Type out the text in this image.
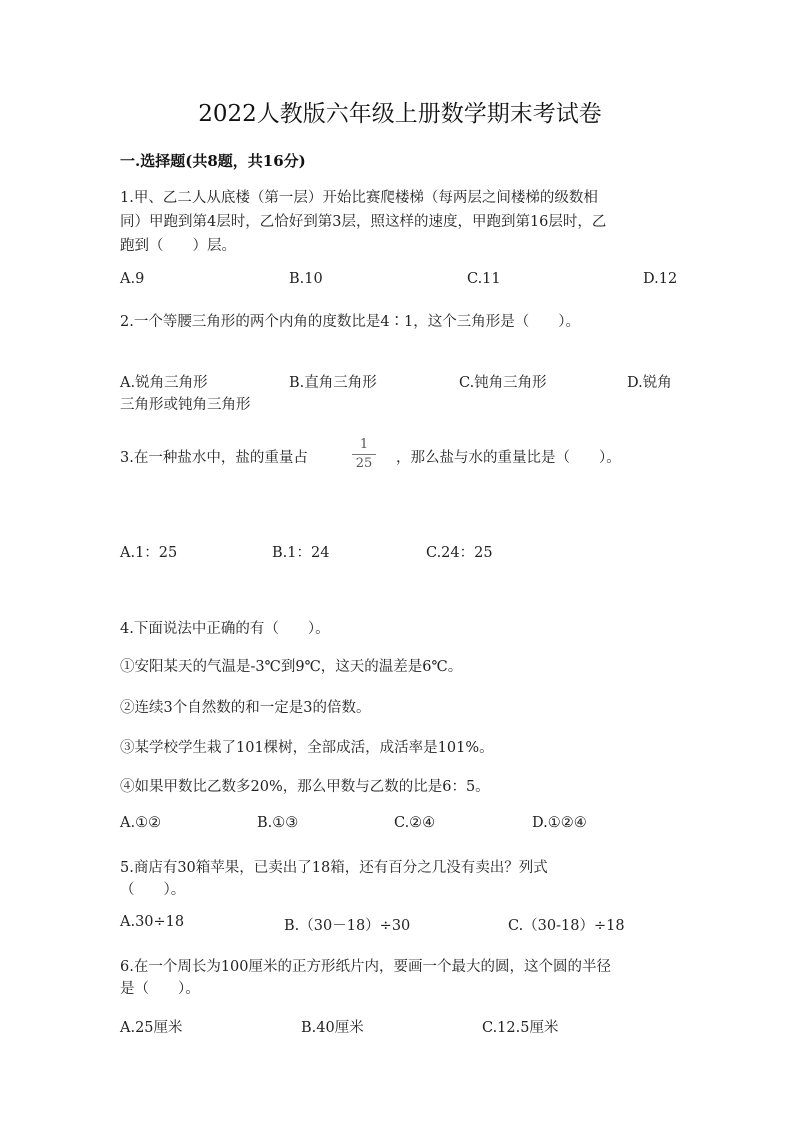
2022人教版六年级上册数学期末考试卷
一.选择题(共8题，共16分)
1.甲、乙二人从底楼（第一层）开始比赛爬楼梯（每两层之间楼梯的级数相
同）甲跑到第4层时，乙恰好到第3层，照这样的速度，甲跑到第16层时，乙
跑到（　　）层。
A.9	B.10	C.11	D.12
2.一个等腰三角形的两个内角的度数比是4∶1，这个三角形是（　　）。
A.锐角三角形	B.直角三角形	C.钝角三角形	D.锐角
三角形或钝角三角形
3.在一种盐水中，盐的重量占
1
25 ，那么盐与水的重量比是（　　）。
A.1：25	B.1：24	C.24：25
4.下面说法中正确的有（　　）。
①安阳某天的气温是-3℃到9℃，这天的温差是6℃。
②连续3个自然数的和一定是3的倍数。
③某学校学生栽了101棵树，全部成活，成活率是101%。
④如果甲数比乙数多20%，那么甲数与乙数的比是6：5。
A.①②	B.①③	C.②④	D.①②④
5.商店有30箱苹果，已卖出了18箱，还有百分之几没有卖出？列式
（　　）。
A.30÷18	B.（30－18）÷30	C.（30-18）÷18
6.在一个周长为100厘米的正方形纸片内，要画一个最大的圆，这个圆的半径
是（　　）。
A.25厘米	B.40厘米	C.12.5厘米
